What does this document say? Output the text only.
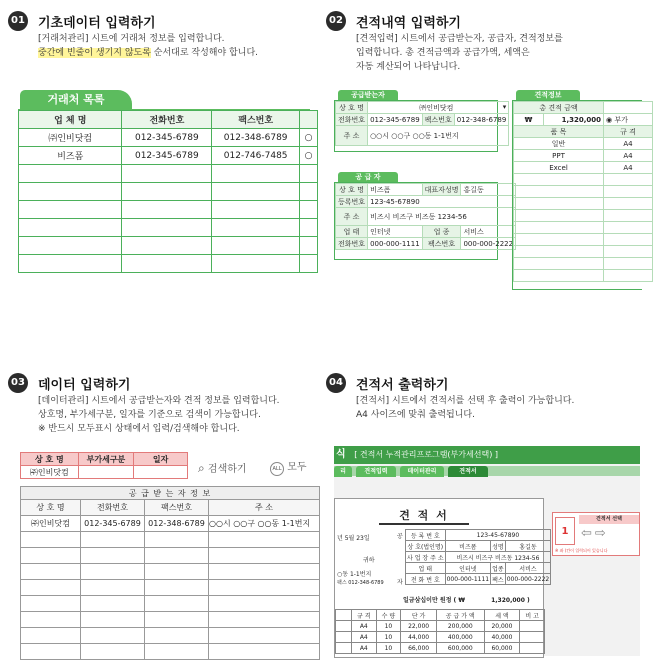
01 기초데이터 입력하기
[거래처관리] 시트에 거래처 정보를 입력합니다.
중간에 빈줄이 생기지 않도록 순서대로 작성해야 합니다.
거래처 목록
업 체 명	전화번호	팩스번호	
㈜인비닷컴	012-345-6789	012-348-6789	○
비즈폼	012-345-6789	012-746-7485	○

02 견적내역 입력하기
[견적입력] 시트에서 공급받는자, 공급자, 견적정보를
입력합니다. 총 견적금액과 공급가액, 세액은
자동 계산되어 나타납니다.
공급받는자
상 호 명	㈜인비닷컴 ▾		

전화번호	012-345-6789	팩스번호	012-348-6789
주 소	○○시 ○○구 ○○동 1-1번지		
공 급 자
상 호 명	비즈폼	대표자성명	홍길동
등록번호	123-45-67890		
주 소	비즈시 비즈구 비즈동 1234-56		
업 태	인터넷	업 종	서비스
전화번호	000-000-1111	팩스번호	000-000-2222
견적정보
총 견적 금액		
₩	1,320,000	◉ 부가
품 목		규 격
일반		A4
PPT		A4
Excel		A4

03 데이터 입력하기
[데이터관리] 시트에서 공급받는자와 견적 정보를 입력합니다.
상호명, 부가세구분, 일자를 기준으로 검색이 가능합니다.
※ 반드시 모두표시 상태에서 입력/검색해야 합니다.
상 호 명	부가세구분	일자
㈜인비닷컴			⌕ 검색하기	ALL 모두
공 급 받 는 자 정 보			
상 호 명	전화번호	팩스번호	주 소
㈜인비닷컴	012-345-6789	012-348-6789	○○시 ○○구 ○○동 1-1번지

04 견적서 출력하기
[견적서] 시트에서 견적서를 선택 후 출력이 가능합니다.
A4 사이즈에 맞춰 출력됩니다.
식 [ 견적서 누적관리프로그램(부가세선택) ]
리	견적입력	데이터관리	견적서
견 적 서
년 5월 23일
귀하
○동 1-1번지
팩스 012-348-6789
공
자
등 록 번 호	123-45-67890		
상 호(법인명)	비즈폼	성명	홍길동
사 업 장 주 소	비즈시 비즈구 비즈동 1234-56		
업 태	인터넷	업종	서비스
전 화 번 호	000-000-1111	팩스	000-000-2222
일금삼십이만 원정 ( ₩	1,320,000 )
	규 격	수 량	단 가	공 급 가 액	세 액	비 고
	A4	10	22,000	200,000	20,000	
	A4	10	44,000	400,000	40,000	
	A4	10	66,000	600,000	60,000	
견적서 선택
1 ⇦⇨
※ 좌 (칸이 입력되어 있습니다
